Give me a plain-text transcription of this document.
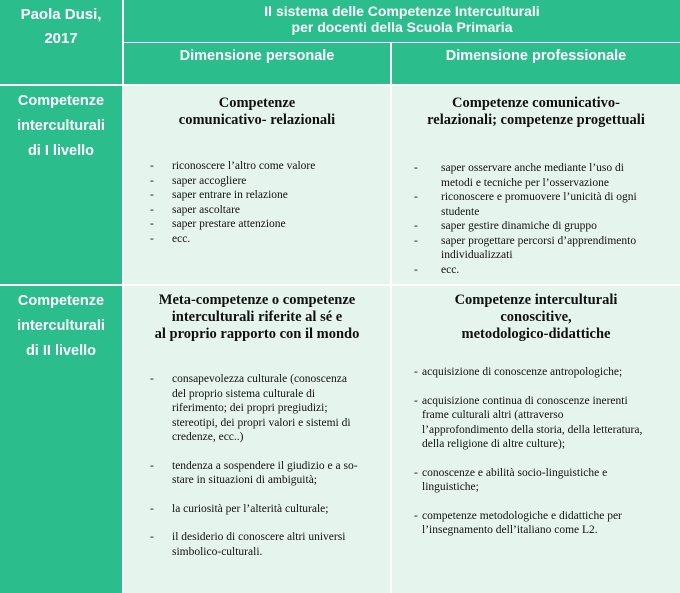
Paola Dusi,
2017
Il sistema delle Competenze Interculturali
per docenti della Scuola Primaria
Dimensione personale	Dimensione professionale
Competenze
interculturali
di I livello
Competenze
interculturali
di II livello
Competenze
comunicativo- relazionali
- riconoscere l’altro come valore
- saper accogliere
- saper entrare in relazione
- saper ascoltare
- saper prestare attenzione
- ecc.
Competenze comunicativo-
relazionali; competenze progettuali
- saper osservare anche mediante l’uso di
metodi e tecniche per l’osservazione
- riconoscere e promuovere l’unicità di ogni
studente
- saper gestire dinamiche di gruppo
- saper progettare percorsi d’apprendimento
individualizzati
- ecc.
Meta-competenze o competenze
interculturali riferite al sé e
al proprio rapporto con il mondo
- consapevolezza culturale (conoscenza
del proprio sistema culturale di
riferimento; dei propri pregiudizi;
stereotipi, dei propri valori e sistemi di
credenze, ecc..)
- tendenza a sospendere il giudizio e a so-
stare in situazioni di ambiguità;
- la curiosità per l’alterità culturale;
- il desiderio di conoscere altri universi
simbolico-culturali.
Competenze interculturali
conoscitive,
metodologico-didattiche
- acquisizione di conoscenze antropologiche;
- acquisizione continua di conoscenze inerenti
frame culturali altri (attraverso
l’approfondimento della storia, della letteratura,
della religione di altre culture);
- conoscenze e abilità socio-linguistiche e
linguistiche;
- competenze metodologiche e didattiche per
l’insegnamento dell’italiano come L2.
